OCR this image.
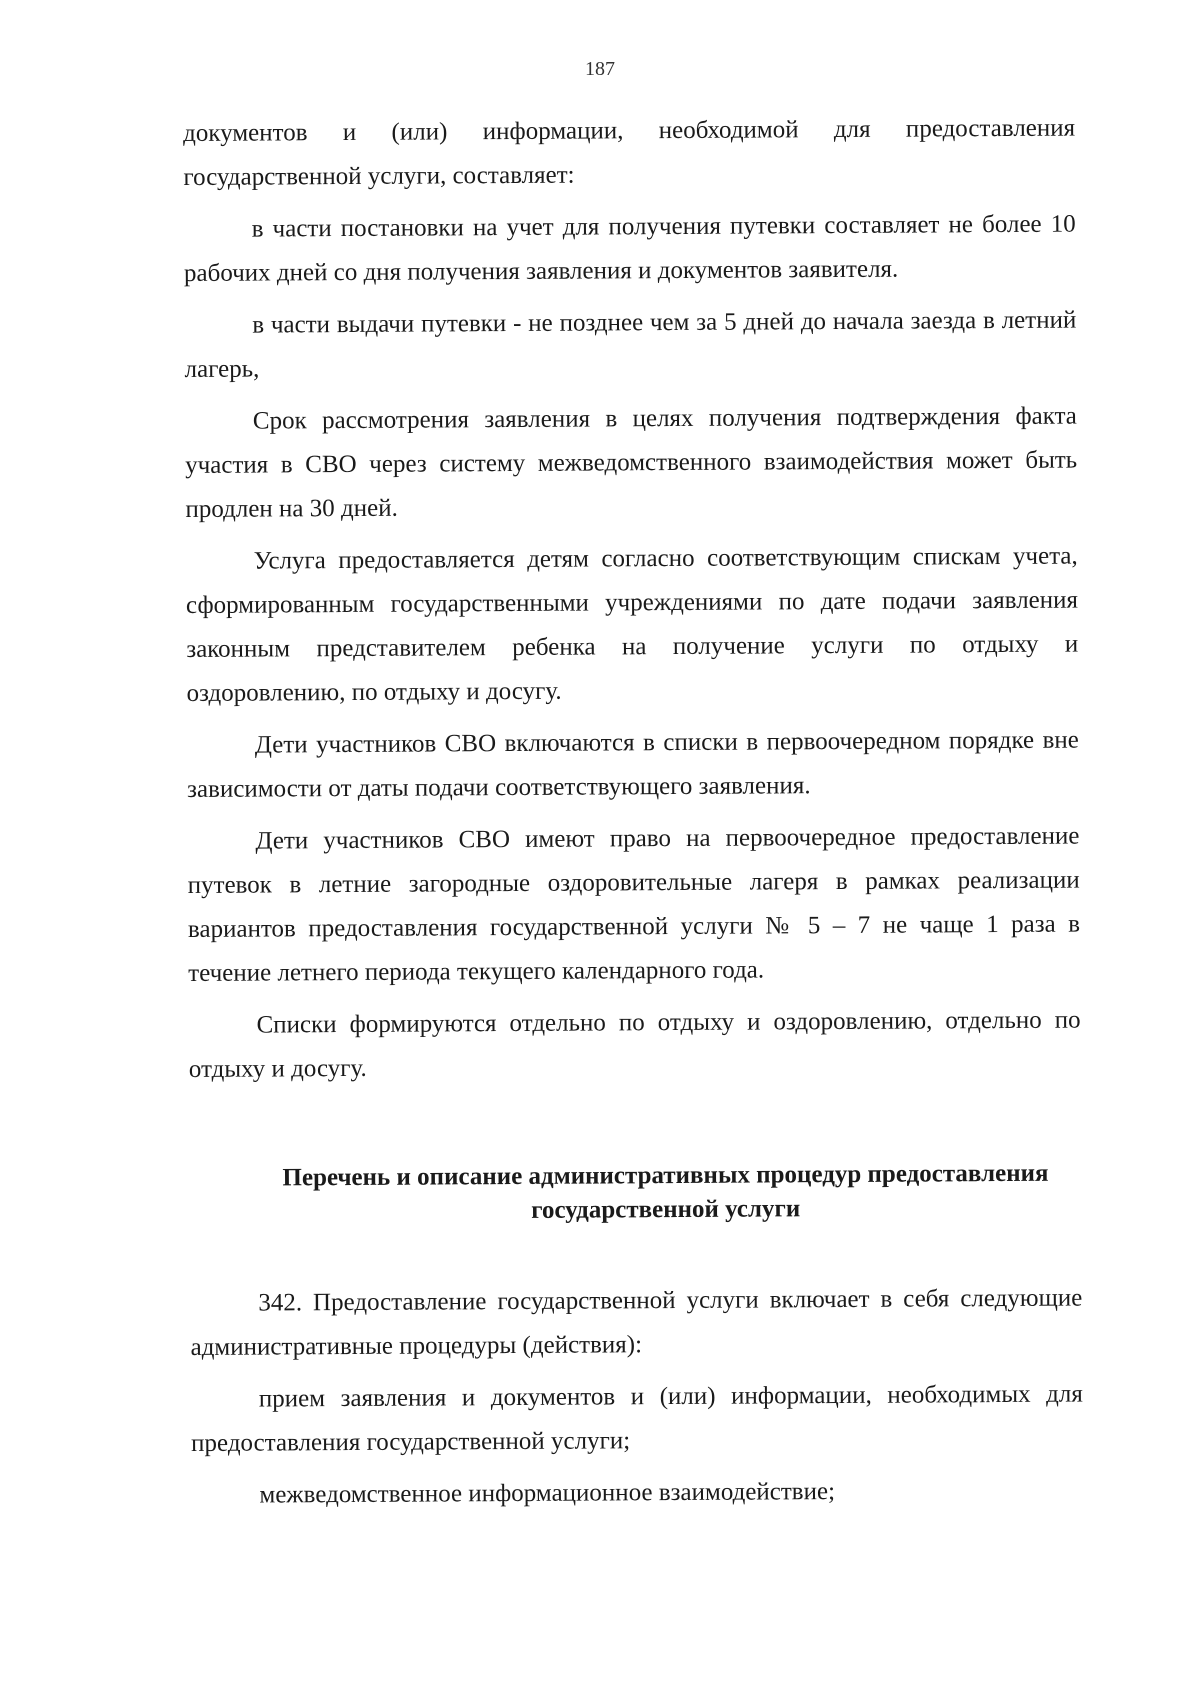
187

документов и (или) информации, необходимой для предоставления государственной услуги, составляет:

в части постановки на учет для получения путевки составляет не более 10 рабочих дней со дня получения заявления и документов заявителя.

в части выдачи путевки - не позднее чем за 5 дней до начала заезда в летний лагерь,

Срок рассмотрения заявления в целях получения подтверждения факта участия в СВО через систему межведомственного взаимодействия может быть продлен на 30 дней.

Услуга предоставляется детям согласно соответствующим спискам учета, сформированным государственными учреждениями по дате подачи заявления законным представителем ребенка на получение услуги по отдыху и оздоровлению, по отдыху и досугу.

Дети участников СВО включаются в списки в первоочередном порядке вне зависимости от даты подачи соответствующего заявления.

Дети участников СВО имеют право на первоочередное предоставление путевок в летние загородные оздоровительные лагеря в рамках реализации вариантов предоставления государственной услуги № 5 – 7 не чаще 1 раза в течение летнего периода текущего календарного года.

Списки формируются отдельно по отдыху и оздоровлению, отдельно по отдыху и досугу.

Перечень и описание административных процедур предоставления государственной услуги

342. Предоставление государственной услуги включает в себя следующие административные процедуры (действия):

прием заявления и документов и (или) информации, необходимых для предоставления государственной услуги;

межведомственное информационное взаимодействие;
